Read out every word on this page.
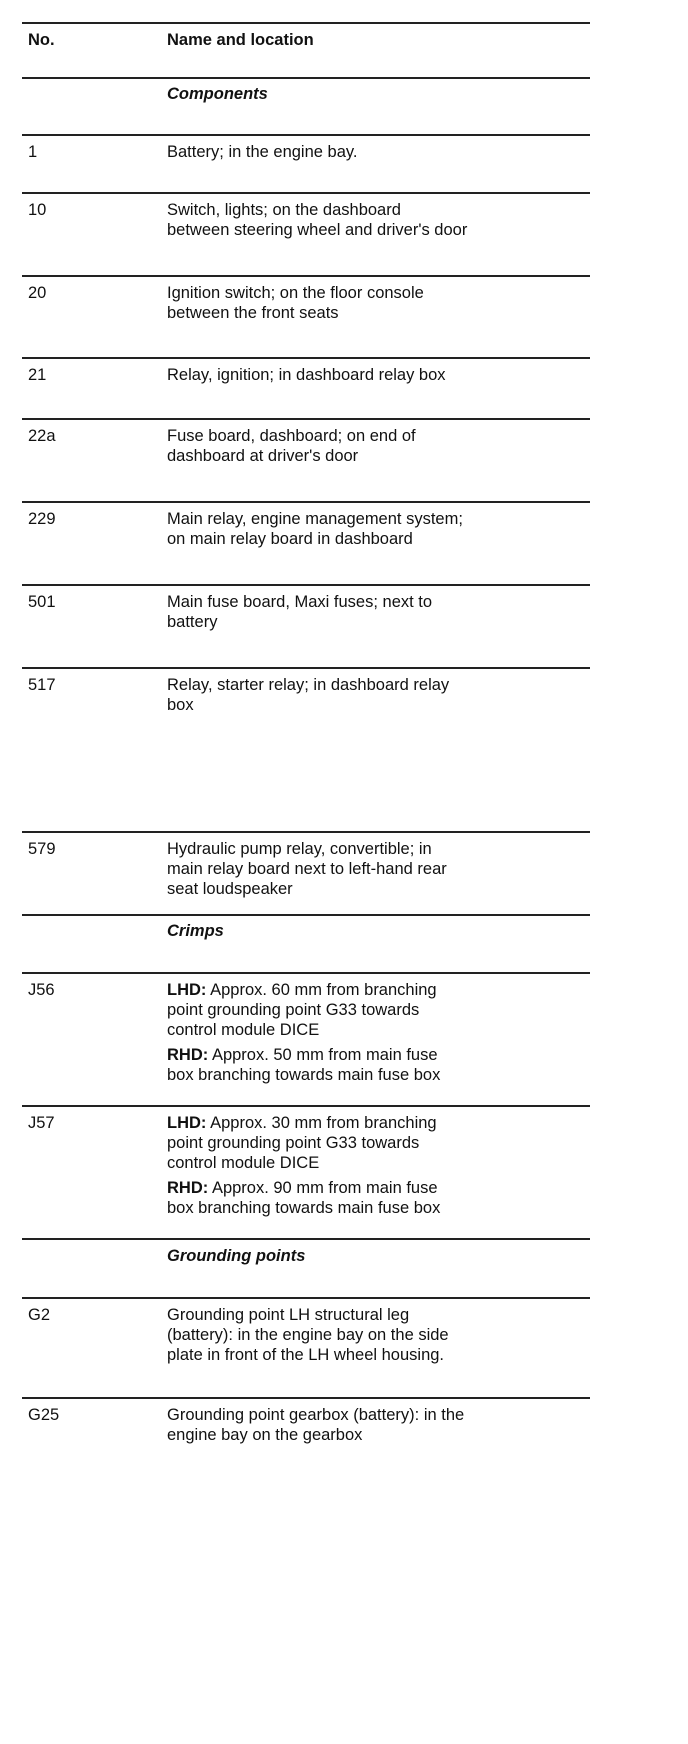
No.	Name and location
Components
1	Battery; in the engine bay.
10	Switch, lights; on the dashboard
between steering wheel and driver's door
20	Ignition switch; on the floor console
between the front seats
21	Relay, ignition; in dashboard relay box
22a	Fuse board, dashboard; on end of
dashboard at driver's door
229	Main relay, engine management system;
on main relay board in dashboard
501	Main fuse board, Maxi fuses; next to
battery
517	Relay, starter relay; in dashboard relay
box
579	Hydraulic pump relay, convertible; in
main relay board next to left-hand rear
seat loudspeaker
Crimps
J56	LHD: Approx. 60 mm from branching
point grounding point G33 towards
control module DICE
RHD: Approx. 50 mm from main fuse
box branching towards main fuse box
J57	LHD: Approx. 30 mm from branching
point grounding point G33 towards
control module DICE
RHD: Approx. 90 mm from main fuse
box branching towards main fuse box
Grounding points
G2	Grounding point LH structural leg
(battery): in the engine bay on the side
plate in front of the LH wheel housing.
G25	Grounding point gearbox (battery): in the
engine bay on the gearbox
